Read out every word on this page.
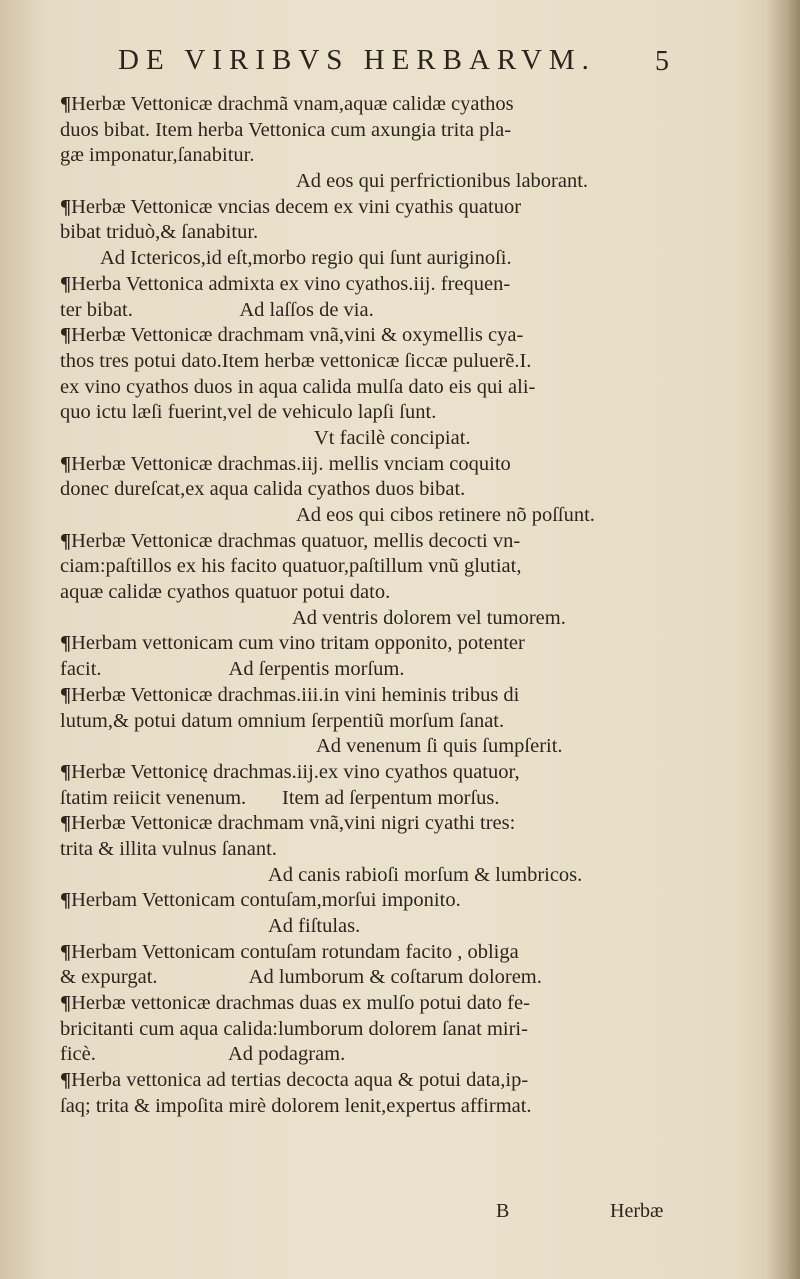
DE VIRIBVS HERBARVM.	5
¶Herbæ Vettonicæ drachmã vnam,aquæ calidæ cyathos
duos bibat. Item herba Vettonica cum axungia trita pla-
gæ imponatur,ſanabitur.
Ad eos qui perfrictionibus laborant.
¶Herbæ Vettonicæ vncias decem ex vini cyathis quatuor
bibat triduò,& ſanabitur.
Ad Ictericos,id eſt,morbo regio qui ſunt auriginoſi.
¶Herba Vettonica admixta ex vino cyathos.iij. frequen-
ter bibat.                     Ad laſſos de via.
¶Herbæ Vettonicæ drachmam vnã,vini & oxymellis cya-
thos tres potui dato.Item herbæ vettonicæ ſiccæ puluerẽ.I.
ex vino cyathos duos in aqua calida mulſa dato eis qui ali-
quo ictu læſi fuerint,vel de vehiculo lapſi ſunt.
Vt facilè concipiat.
¶Herbæ Vettonicæ drachmas.iij. mellis vnciam coquito
donec dureſcat,ex aqua calida cyathos duos bibat.
Ad eos qui cibos retinere nõ poſſunt.
¶Herbæ Vettonicæ drachmas quatuor, mellis decocti vn-
ciam:paſtillos ex his facito quatuor,paſtillum vnũ glutiat,
aquæ calidæ cyathos quatuor potui dato.
Ad ventris dolorem vel tumorem.
¶Herbam vettonicam cum vino tritam opponito, potenter
facit.                         Ad ſerpentis morſum.
¶Herbæ Vettonicæ drachmas.iii.in vini heminis tribus di
lutum,& potui datum omnium ſerpentiũ morſum ſanat.
Ad venenum ſi quis ſumpſerit.
¶Herbæ Vettonicę drachmas.iij.ex vino cyathos quatuor,
ſtatim reiicit venenum.       Item ad ſerpentum morſus.
¶Herbæ Vettonicæ drachmam vnã,vini nigri cyathi tres:
trita & illita vulnus ſanant.
Ad canis rabioſi morſum & lumbricos.
¶Herbam Vettonicam contuſam,morſui imponito.
Ad fiſtulas.
¶Herbam Vettonicam contuſam rotundam facito , obliga
& expurgat.                  Ad lumborum & coſtarum dolorem.
¶Herbæ vettonicæ drachmas duas ex mulſo potui dato fe-
bricitanti cum aqua calida:lumborum dolorem ſanat miri-
ficè.                          Ad podagram.
¶Herba vettonica ad tertias decocta aqua & potui data,ip-
ſaq; trita & impoſita mirè dolorem lenit,expertus affirmat.
B	Herbæ
